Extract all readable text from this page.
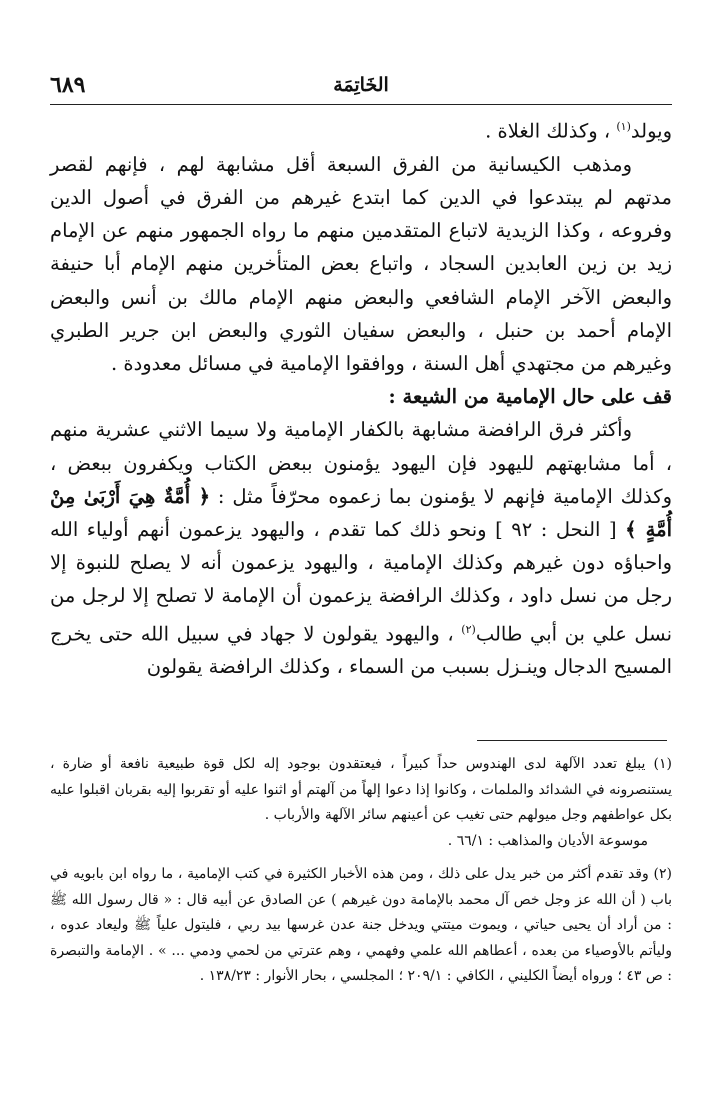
الخَاتِمَة
٦٨٩

ويولد$^{(١)}$ ، وكذلك الغلاة .

ومذهب الكيسانية من الفرق السبعة أقل مشابهة لهم ، فإنهم لقصر مدتهم لم يبتدعوا في الدين كما ابتدع غيرهم من الفرق في أصول الدين وفروعه ، وكذا الزيدية لاتباع المتقدمين منهم ما رواه الجمهور منهم عن الإمام زيد بن زين العابدين السجاد ، واتباع بعض المتأخرين منهم الإمام أبا حنيفة والبعض الآخر الإمام الشافعي والبعض منهم الإمام مالك بن أنس والبعض الإمام أحمد بن حنبل ، والبعض سفيان الثوري والبعض ابن جرير الطبري وغيرهم من مجتهدي أهل السنة ، ووافقوا الإمامية في مسائل معدودة .

قف على حال الإمامية من الشيعة :

وأكثر فرق الرافضة مشابهة بالكفار الإمامية ولا سيما الاثني عشرية منهم ، أما مشابهتهم لليهود فإن اليهود يؤمنون ببعض الكتاب ويكفرون ببعض ، وكذلك الإمامية فإنهم لا يؤمنون بما زعموه محرّفاً مثل : ﴿ أُمَّةٌ هِيَ أَرْبَىٰ مِنْ أُمَّةٍ ﴾ [ النحل : ٩٢ ] ونحو ذلك كما تقدم ، واليهود يزعمون أنهم أولياء الله واحباؤه دون غيرهم وكذلك الإمامية ، واليهود يزعمون أنه لا يصلح للنبوة إلا رجل من نسل داود ، وكذلك الرافضة يزعمون أن الإمامة لا تصلح إلا لرجل من نسل علي بن أبي طالب$^{(٢)}$ ، واليهود يقولون لا جهاد في سبيل الله حتى يخرج المسيح الدجال وينـزل بسبب من السماء ، وكذلك الرافضة يقولون

(١) يبلغ تعدد الآلهة لدى الهندوس حداً كبيراً ، فيعتقدون بوجود إله لكل قوة طبيعية نافعة أو ضارة ، يستنصرونه في الشدائد والملمات ، وكانوا إذا دعوا إلهاً من آلهتم أو اثنوا عليه أو تقربوا إليه بقربان اقبلوا عليه بكل عواطفهم وجل ميولهم حتى تغيب عن أعينهم سائر الآلهة والأرباب .

موسوعة الأديان والمذاهب : ٦٦/١ .

(٢) وقد تقدم أكثر من خبر يدل على ذلك ، ومن هذه الأخبار الكثيرة في كتب الإمامية ، ما رواه ابن بابويه في باب ( أن الله عز وجل خص آل محمد بالإمامة دون غيرهم ) عن الصادق عن أبيه قال : « قال رسول الله ﷺ : من أراد أن يحيى حياتي ، ويموت ميتتي ويدخل جنة عدن غرسها بيد ربي ، فليتول علياً ﷺ وليعاد عدوه ، وليأتم بالأوصياء من بعده ، أعطاهم الله علمي وفهمي ، وهم عترتي من لحمي ودمي ... » . الإمامة والتبصرة : ص ٤٣ ؛ ورواه أيضاً الكليني ، الكافي : ٢٠٩/١ ؛ المجلسي ، بحار الأنوار : ١٣٨/٢٣ .
